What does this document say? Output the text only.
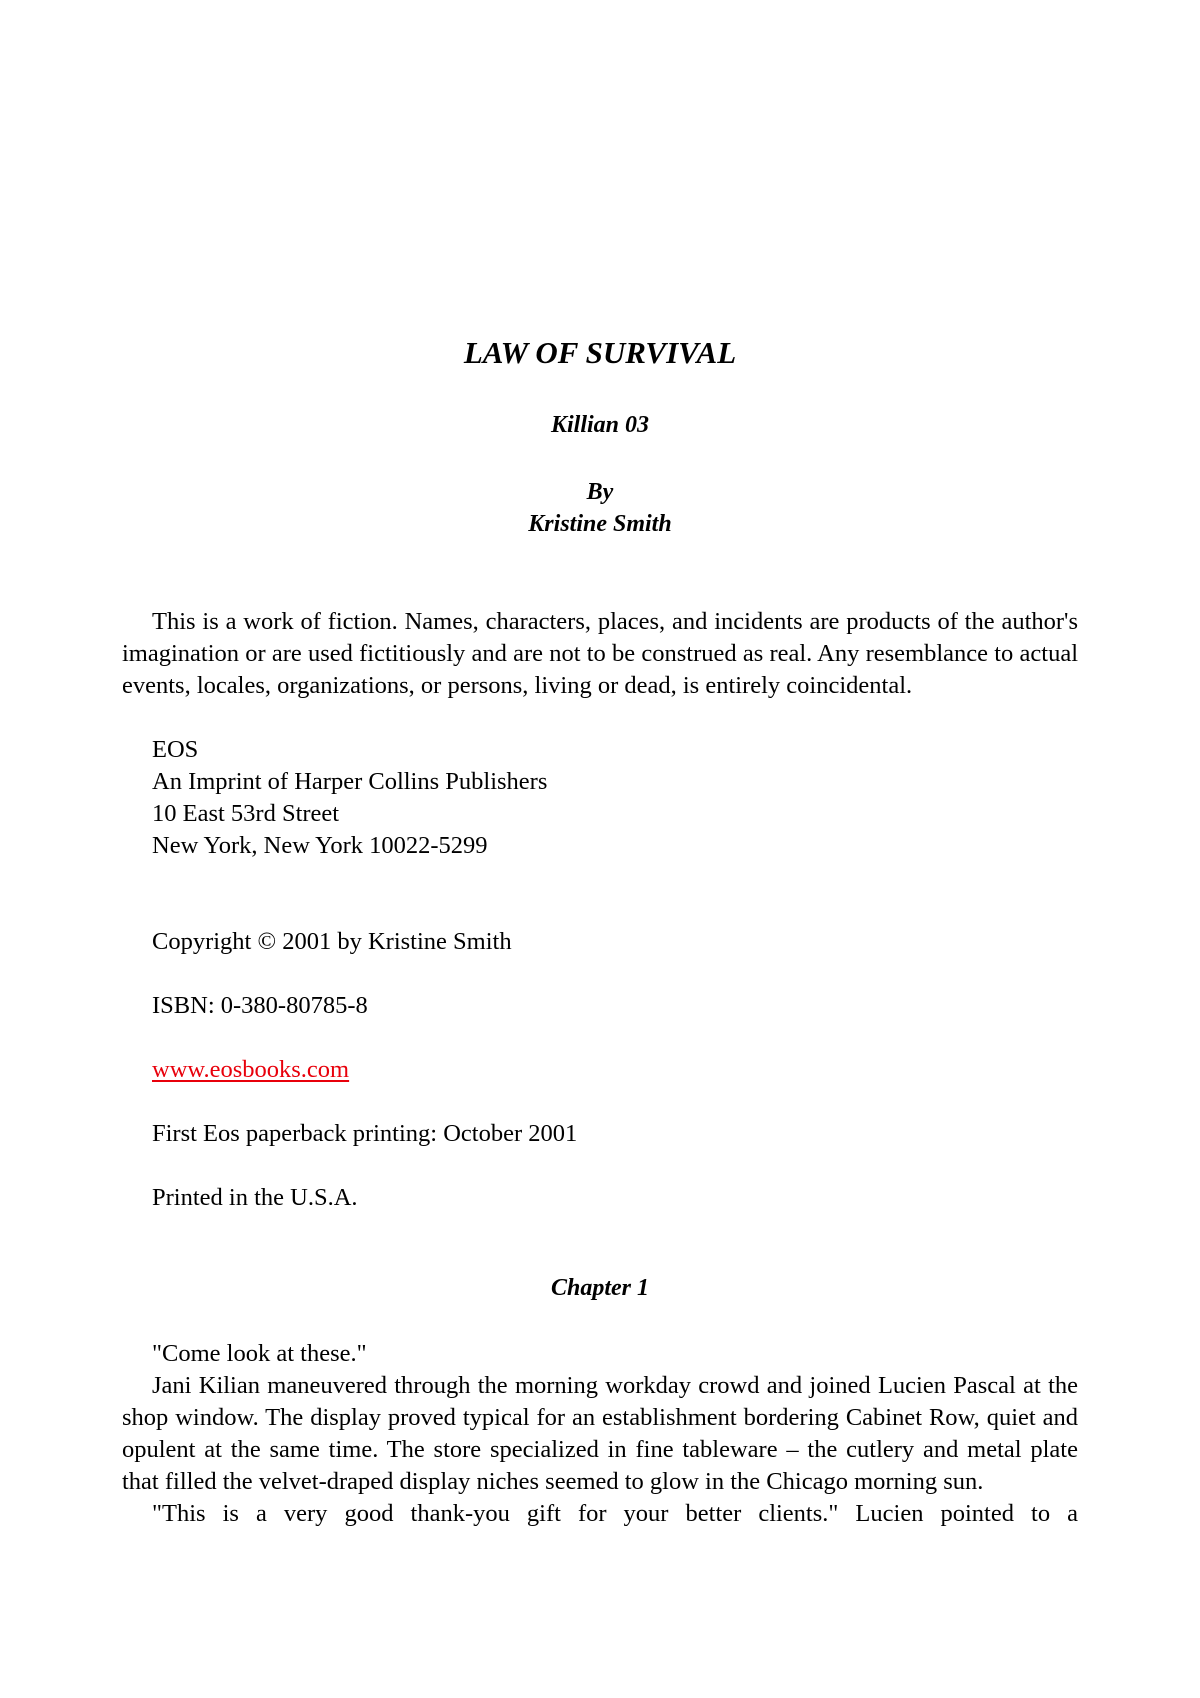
LAW OF SURVIVAL
Killian 03
By
Kristine Smith

This is a work of fiction. Names, characters, places, and incidents are products of the author's imagination or are used fictitiously and are not to be construed as real. Any resemblance to actual events, locales, organizations, or persons, living or dead, is entirely coincidental.

EOS
An Imprint of Harper Collins Publishers
10 East 53rd Street
New York, New York 10022-5299
Copyright © 2001 by Kristine Smith
ISBN: 0-380-80785-8
www.eosbooks.com
First Eos paperback printing: October 2001
Printed in the U.S.A.
Chapter 1

"Come look at these."

Jani Kilian maneuvered through the morning workday crowd and joined Lucien Pascal at the shop window. The display proved typical for an establishment bordering Cabinet Row, quiet and opulent at the same time. The store specialized in fine tableware – the cutlery and metal plate that filled the velvet-draped display niches seemed to glow in the Chicago morning sun.

"This is a very good thank-you gift for your better clients." Lucien pointed to a
